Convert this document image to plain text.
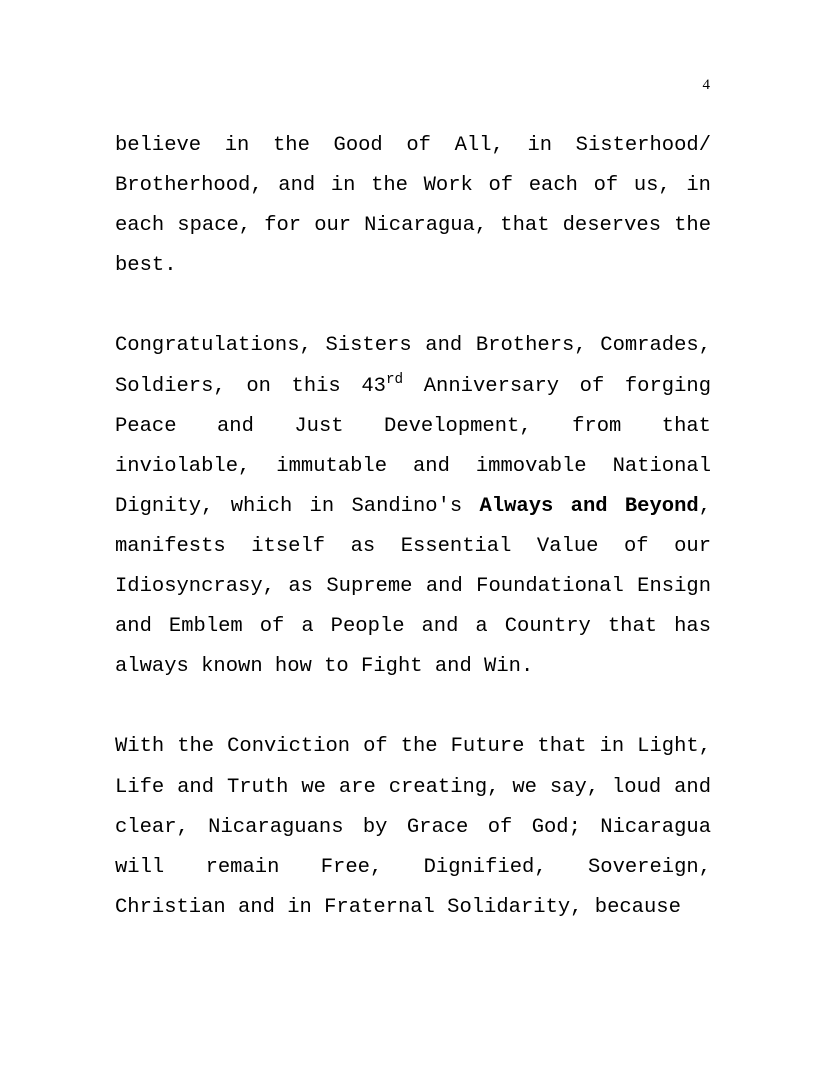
4

believe in the Good of All, in Sisterhood/ Brotherhood, and in the Work of each of us, in each space, for our Nicaragua, that deserves the best.

Congratulations, Sisters and Brothers, Comrades, Soldiers, on this 43rd Anniversary of forging Peace and Just Development, from that inviolable, immutable and immovable National Dignity, which in Sandino's Always and Beyond, manifests itself as Essential Value of our Idiosyncrasy, as Supreme and Foundational Ensign and Emblem of a People and a Country that has always known how to Fight and Win.

With the Conviction of the Future that in Light, Life and Truth we are creating, we say, loud and clear, Nicaraguans by Grace of God; Nicaragua will remain Free, Dignified, Sovereign, Christian and in Fraternal Solidarity, because
